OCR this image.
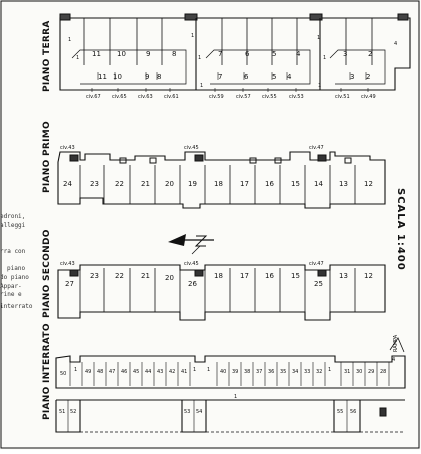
PIANO TERRA
PIANO PRIMO
PIANO SECONDO
PIANO INTERRATO
SCALA 1:400
edroni,
alleggi
rra con
piano
do piano
Appar-
rine e
interrato
11 10	9	8	7	6	5	4	3	2
11 10	9 8	7	6	5 4	3 2
civ.67 civ.65 civ.63 civ.61	civ.59 civ.57 civ.55 civ.53	civ.51 civ.49
1
1
1
1
1
1
1	1
4
civ.43	civ.45	civ.47
24	23 22 21 20 19 18 17 16 15 14 13 12
civ.43	civ.45	civ.47
27
23 22 21 20
26
18 17 16 15
25
13 12
50
1 49 48 47 46 45 44 43 42 41 1 1 40 39 38 37 36 35 34 33 32 1	31 30 29 28
4
51 52	53 54	55 56
1
RAMPA
